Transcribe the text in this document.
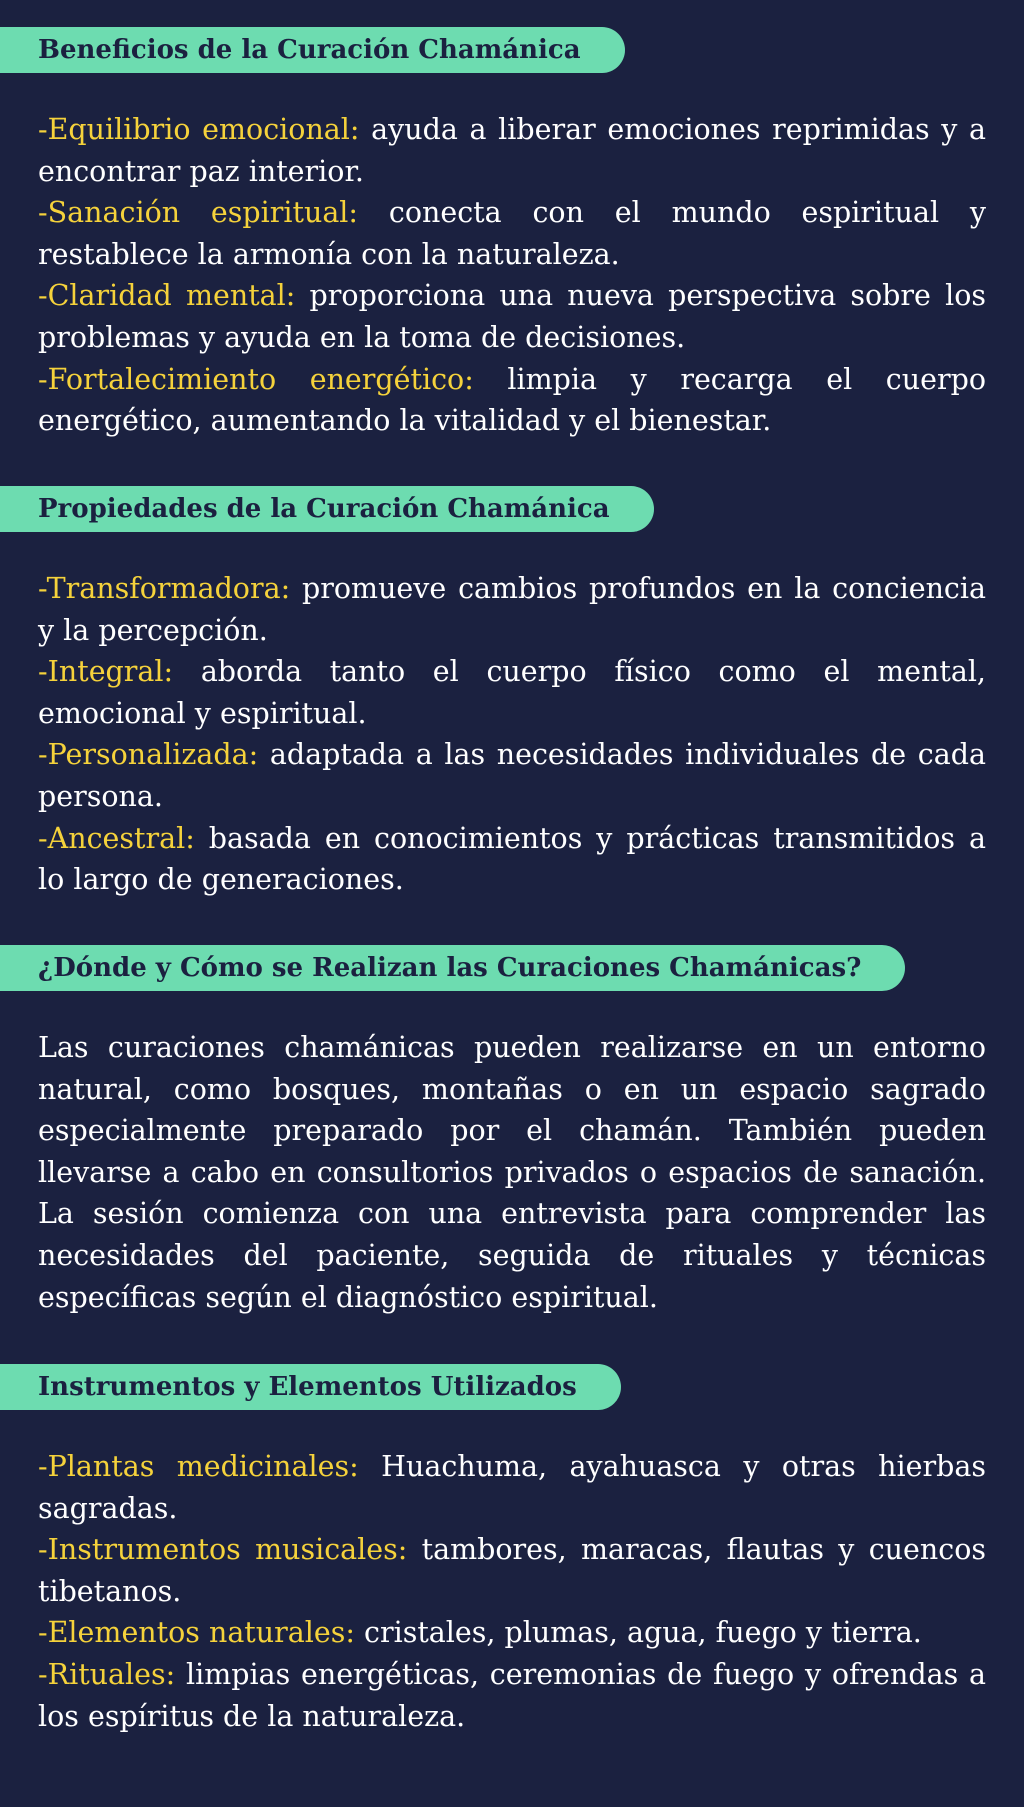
Beneficios de la Curación Chamánica
-Equilibrio emocional: ayuda a liberar emociones reprimidas y a encontrar paz interior.
-Sanación espiritual: conecta con el mundo espiritual y restablece la armonía con la naturaleza.
-Claridad mental: proporciona una nueva perspectiva sobre los problemas y ayuda en la toma de decisiones.
-Fortalecimiento energético: limpia y recarga el cuerpo energético, aumentando la vitalidad y el bienestar.
Propiedades de la Curación Chamánica
-Transformadora: promueve cambios profundos en la conciencia y la percepción.
-Integral: aborda tanto el cuerpo físico como el mental, emocional y espiritual.
-Personalizada: adaptada a las necesidades individuales de cada persona.
-Ancestral: basada en conocimientos y prácticas transmitidos a lo largo de generaciones.
¿Dónde y Cómo se Realizan las Curaciones Chamánicas?
Las curaciones chamánicas pueden realizarse en un entorno natural, como bosques, montañas o en un espacio sagrado especialmente preparado por el chamán. También pueden llevarse a cabo en consultorios privados o espacios de sanación. La sesión comienza con una entrevista para comprender las necesidades del paciente, seguida de rituales y técnicas específicas según el diagnóstico espiritual.
Instrumentos y Elementos Utilizados
-Plantas medicinales: Huachuma, ayahuasca y otras hierbas sagradas.
-Instrumentos musicales: tambores, maracas, flautas y cuencos tibetanos.
-Elementos naturales: cristales, plumas, agua, fuego y tierra.
-Rituales: limpias energéticas, ceremonias de fuego y ofrendas a los espíritus de la naturaleza.
